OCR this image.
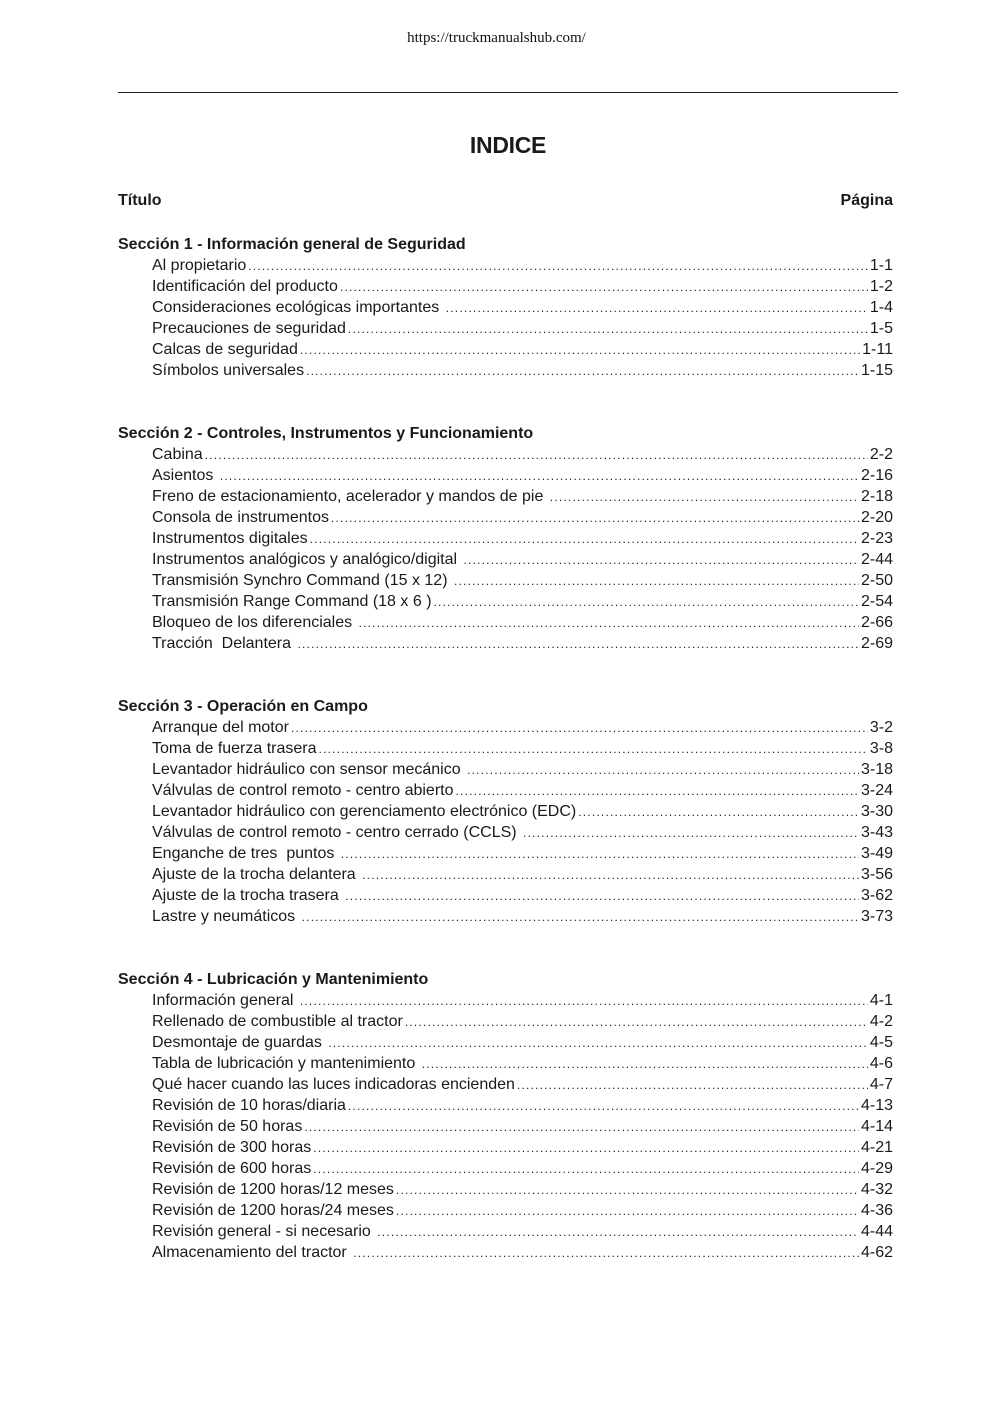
https://truckmanualshub.com/
INDICE
Título	Página
Sección 1 - Información general de Seguridad
Al propietario .....	1-1
Identificación del producto .....	1-2
Consideraciones ecológicas importantes .....	1-4
Precauciones de seguridad .....	1-5
Calcas de seguridad .....	1-11
Símbolos universales .....	1-15
Sección 2 - Controles, Instrumentos y Funcionamiento
Cabina .....	2-2
Asientos .....	2-16
Freno de estacionamiento, acelerador y mandos de pie .....	2-18
Consola de instrumentos .....	2-20
Instrumentos digitales .....	2-23
Instrumentos analógicos y analógico/digital .....	2-44
Transmisión Synchro Command (15 x 12) .....	2-50
Transmisión Range Command (18 x 6 ) .....	2-54
Bloqueo de los diferenciales .....	2-66
Tracción  Delantera .....	2-69
Sección 3 - Operación en Campo
Arranque del motor .....	3-2
Toma de fuerza trasera .....	3-8
Levantador hidráulico con sensor mecánico .....	3-18
Válvulas de control remoto - centro abierto .....	3-24
Levantador hidráulico con gerenciamento electrónico (EDC) .....	3-30
Válvulas de control remoto - centro cerrado (CCLS) .....	3-43
Enganche de tres  puntos .....	3-49
Ajuste de la trocha delantera .....	3-56
Ajuste de la trocha trasera .....	3-62
Lastre y neumáticos .....	3-73
Sección 4 - Lubricación y Mantenimiento
Información general .....	4-1
Rellenado de combustible al tractor .....	4-2
Desmontaje de guardas .....	4-5
Tabla de lubricación y mantenimiento .....	4-6
Qué hacer cuando las luces indicadoras encienden .....	4-7
Revisión de 10 horas/diaria .....	4-13
Revisión de 50 horas .....	4-14
Revisión de 300 horas .....	4-21
Revisión de 600 horas .....	4-29
Revisión de 1200 horas/12 meses .....	4-32
Revisión de 1200 horas/24 meses .....	4-36
Revisión general - si necesario .....	4-44
Almacenamiento del tractor .....	4-62
